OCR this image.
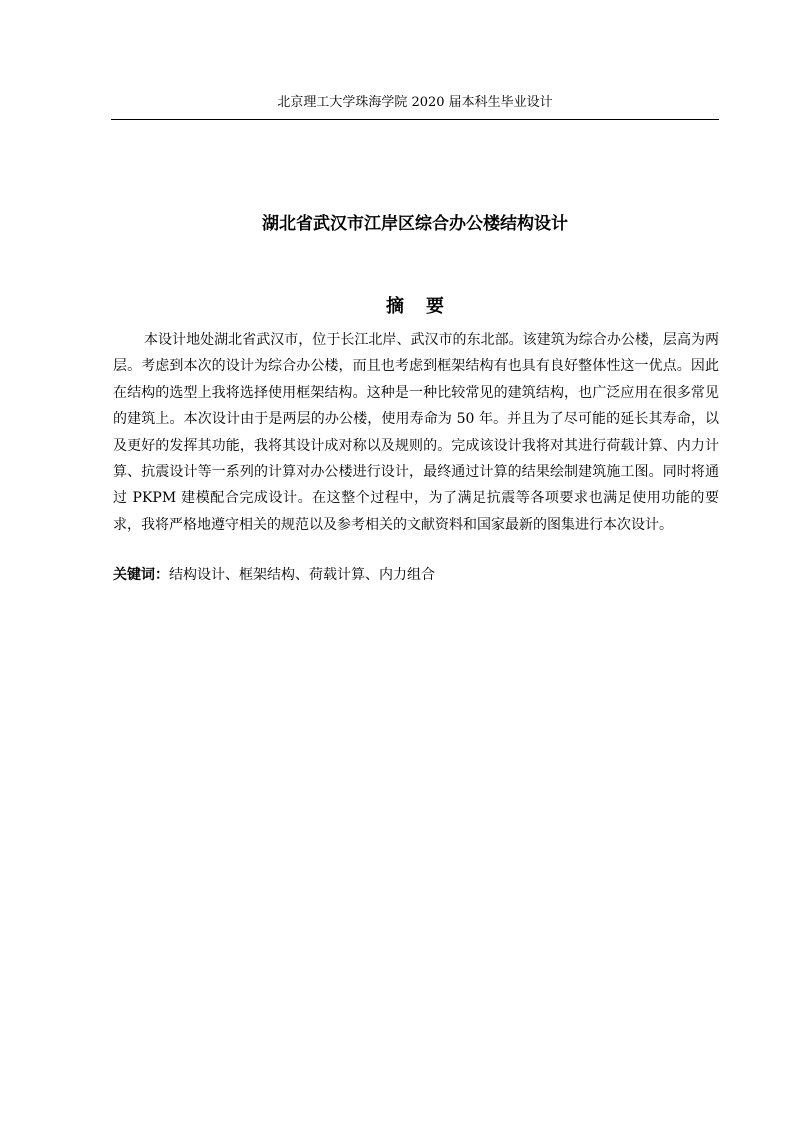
北京理工大学珠海学院 2020 届本科生毕业设计
湖北省武汉市江岸区综合办公楼结构设计
摘要

本设计地处湖北省武汉市，位于长江北岸、武汉市的东北部。该建筑为综合办公楼，层高为两层。考虑到本次的设计为综合办公楼，而且也考虑到框架结构有也具有良好整体性这一优点。因此在结构的选型上我将选择使用框架结构。这种是一种比较常见的建筑结构，也广泛应用在很多常见的建筑上。本次设计由于是两层的办公楼，使用寿命为 50 年。并且为了尽可能的延长其寿命，以及更好的发挥其功能，我将其设计成对称以及规则的。完成该设计我将对其进行荷载计算、内力计算、抗震设计等一系列的计算对办公楼进行设计，最终通过计算的结果绘制建筑施工图。同时将通过 PKPM 建模配合完成设计。在这整个过程中，为了满足抗震等各项要求也满足使用功能的要求，我将严格地遵守相关的规范以及参考相关的文献资料和国家最新的图集进行本次设计。

关键词：结构设计、框架结构、荷载计算、内力组合
